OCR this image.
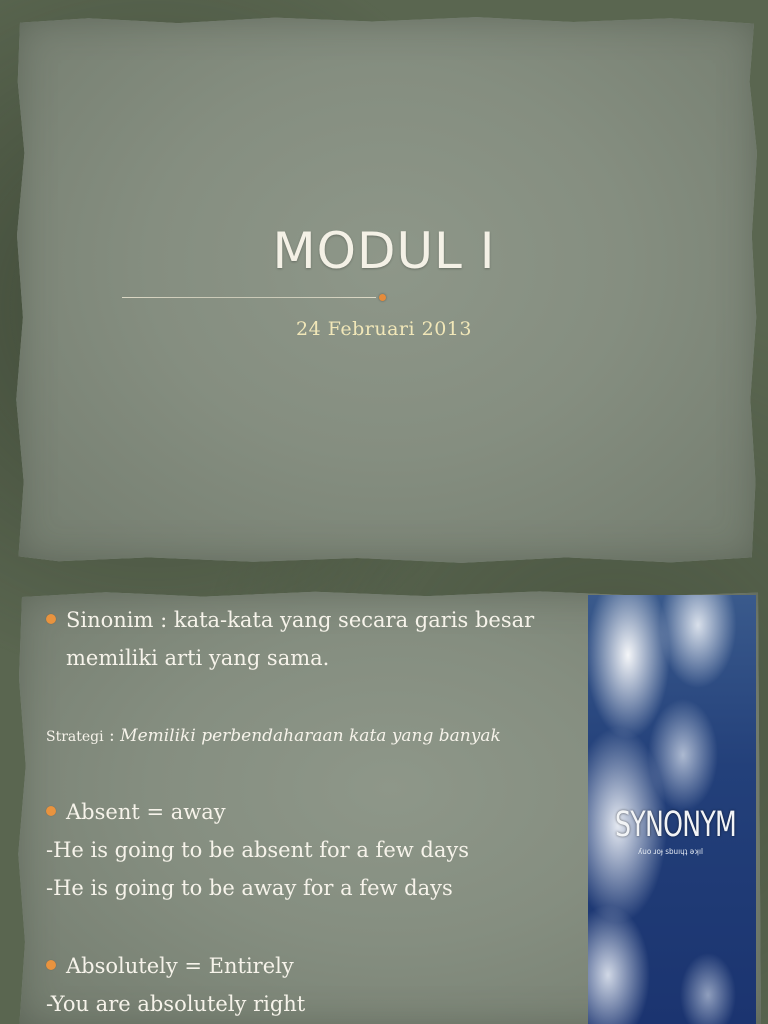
MODUL I
24 Februari 2013
Sinonim : kata-kata yang secara garis besar
memiliki arti yang sama.
Strategi : Memiliki perbendaharaan kata yang banyak
Absent = away
-He is going to be absent for a few days
-He is going to be away for a few days
Absolutely = Entirely
-You are absolutely right
SYNONYM
ʎuo ɹoɟ sbuıɥʇ ǝʞıl
